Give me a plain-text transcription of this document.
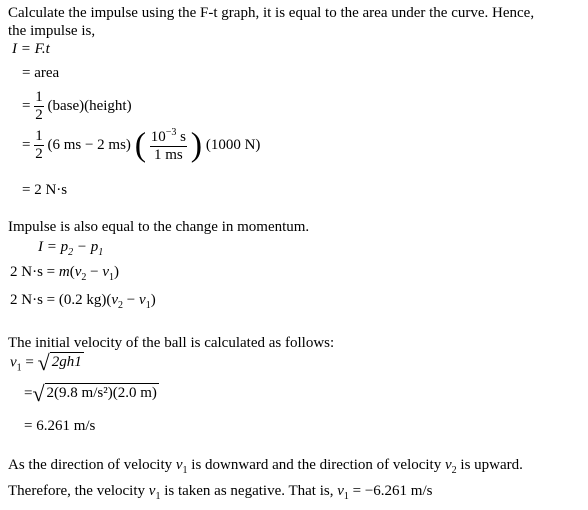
Calculate the impulse using the F-t graph, it is equal to the area under the curve. Hence,
the impulse is,
I = F.t
= area
= $\frac{1}{2}$ (base)(height)
= $\frac{1}{2} (6$ ms − 2 ms) ( $\frac{10^{-3} s}{1 ms}$ ) (1000 N)
= 2 N·s
Impulse is also equal to the change in momentum.
$I = p_2 - p_1$
2 $N\cdot s = m(v_2 - v_1)$
2 N·s = (0.2 $kg)(v_2 - v_1)$
The initial velocity of the ball is calculated as follows:
$v_1$ = √ 2gh1
= √ 2(9.8 m/s²)(2.0 m)
= 6.261 m/s
As the direction of velocity $v_1$ is downward and the direction of velocity $v_2$ is upward.
Therefore, the velocity $v_1$ is taken as negative. That is, $v_1 = -6.261$ m/s
